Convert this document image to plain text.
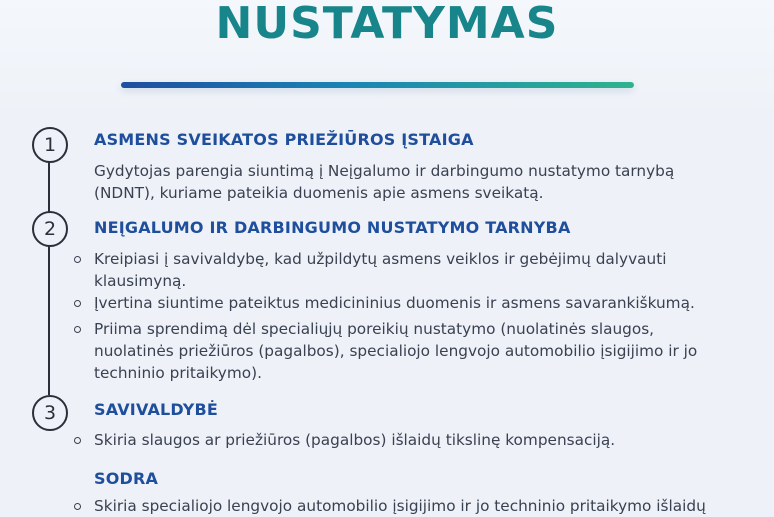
NUSTATYMAS
1	ASMENS SVEIKATOS PRIEŽIŪROS ĮSTAIGA
Gydytojas parengia siuntimą į Neįgalumo ir darbingumo nustatymo tarnybą (NDNT), kuriame pateikia duomenis apie asmens sveikatą.
2	NEĮGALUMO IR DARBINGUMO NUSTATYMO TARNYBA
Kreipiasi į savivaldybę, kad užpildytų asmens veiklos ir gebėjimų dalyvauti klausimyną.
Įvertina siuntime pateiktus medicininius duomenis ir asmens savarankiškumą.
Priima sprendimą dėl specialiųjų poreikių nustatymo (nuolatinės slaugos, nuolatinės priežiūros (pagalbos), specialiojo lengvojo automobilio įsigijimo ir jo techninio pritaikymo).
3	SAVIVALDYBĖ
Skiria slaugos ar priežiūros (pagalbos) išlaidų tikslinę kompensaciją.
SODRA
Skiria specialiojo lengvojo automobilio įsigijimo ir jo techninio pritaikymo išlaidų
